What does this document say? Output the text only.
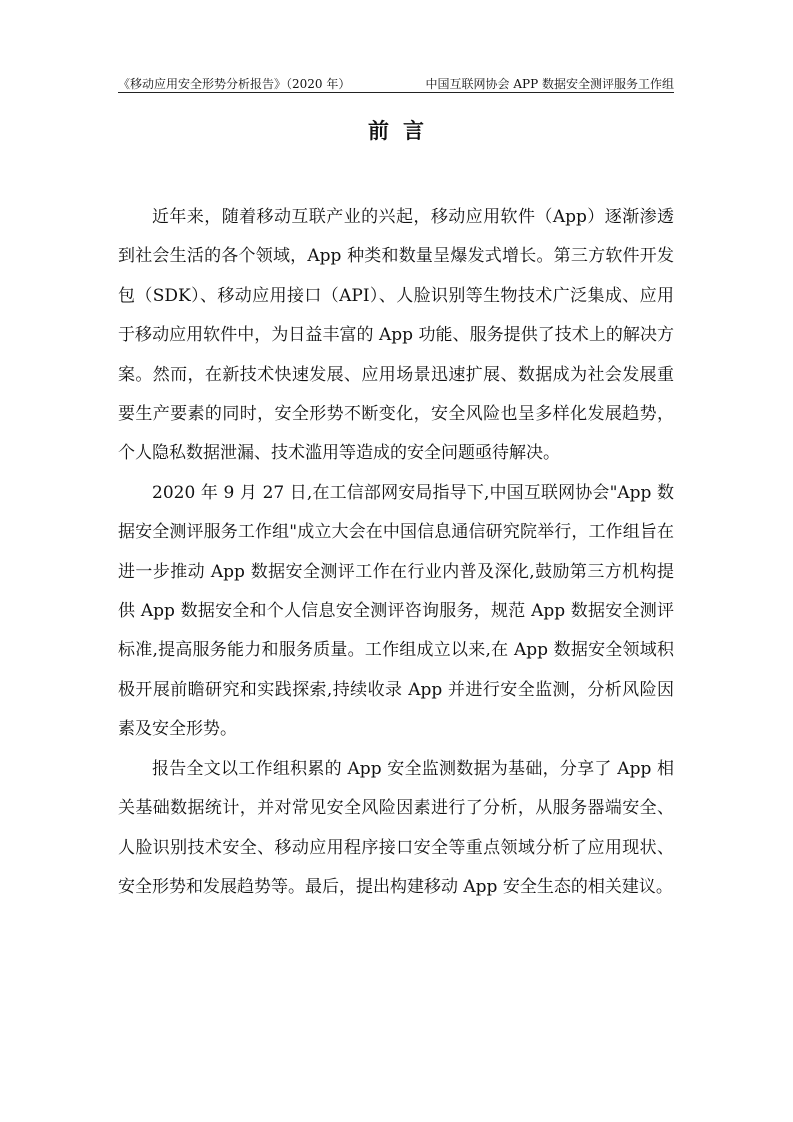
《移动应用安全形势分析报告》（2020 年）	中国互联网协会 APP 数据安全测评服务工作组
前言

近年来，随着移动互联产业的兴起，移动应用软件（App）逐渐渗透到社会生活的各个领域，App 种类和数量呈爆发式增长。第三方软件开发包（SDK）、移动应用接口（API）、人脸识别等生物技术广泛集成、应用于移动应用软件中，为日益丰富的 App 功能、服务提供了技术上的解决方案。然而，在新技术快速发展、应用场景迅速扩展、数据成为社会发展重要生产要素的同时，安全形势不断变化，安全风险也呈多样化发展趋势，个人隐私数据泄漏、技术滥用等造成的安全问题亟待解决。

2020 年 9 月 27 日,在工信部网安局指导下,中国互联网协会"App 数据安全测评服务工作组"成立大会在中国信息通信研究院举行，工作组旨在进一步推动 App 数据安全测评工作在行业内普及深化,鼓励第三方机构提供 App 数据安全和个人信息安全测评咨询服务，规范 App 数据安全测评标准,提高服务能力和服务质量。工作组成立以来,在 App 数据安全领域积极开展前瞻研究和实践探索,持续收录 App 并进行安全监测，分析风险因素及安全形势。

报告全文以工作组积累的 App 安全监测数据为基础，分享了 App 相关基础数据统计，并对常见安全风险因素进行了分析，从服务器端安全、人脸识别技术安全、移动应用程序接口安全等重点领域分析了应用现状、安全形势和发展趋势等。最后，提出构建移动 App 安全生态的相关建议。
